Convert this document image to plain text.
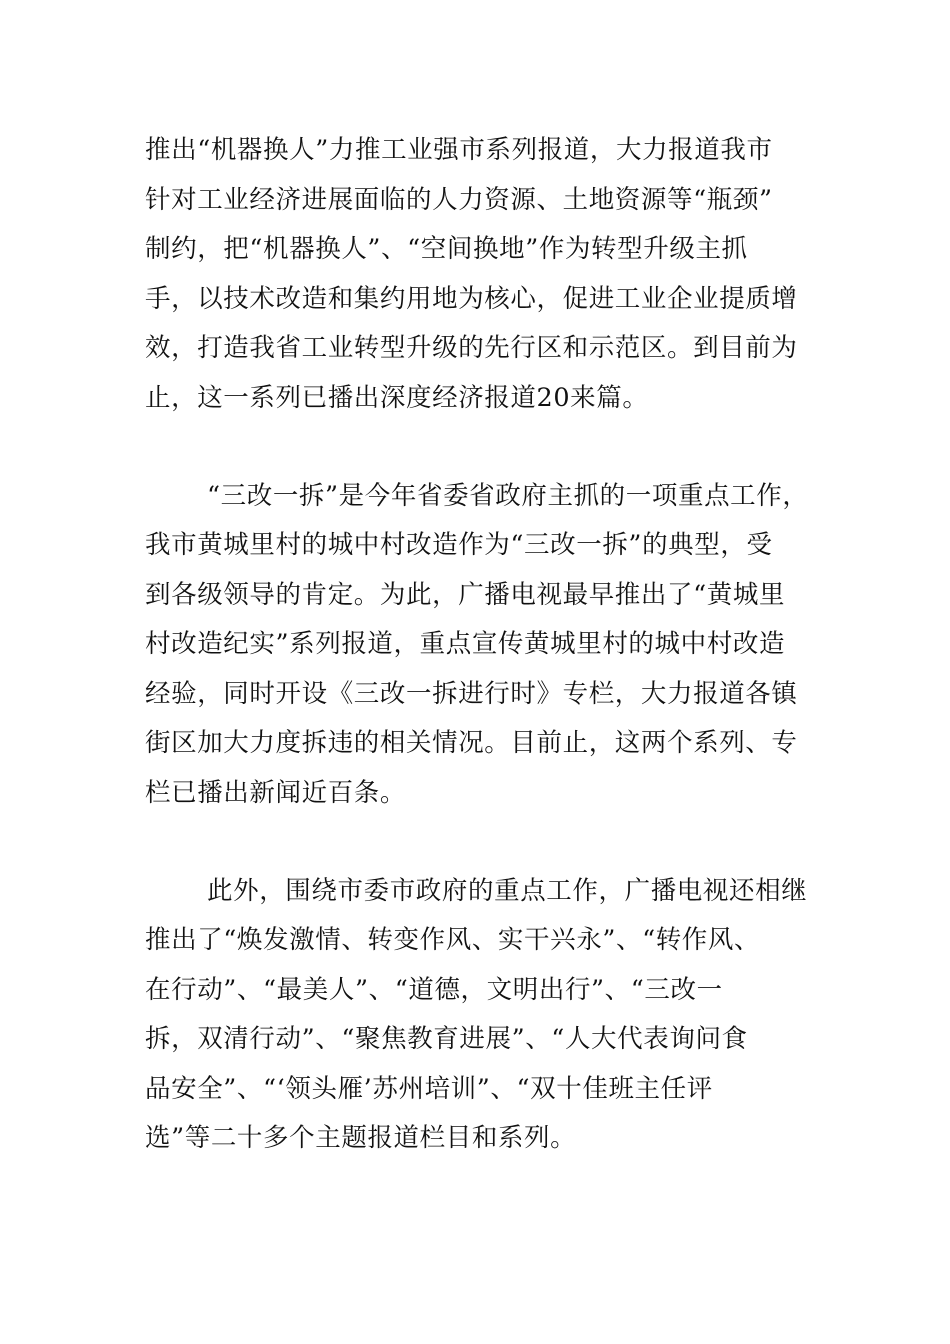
推出“机器换人”力推工业强市系列报道，大力报道我市
针对工业经济进展面临的人力资源、土地资源等“瓶颈”
制约，把“机器换人”、“空间换地”作为转型升级主抓
手，以技术改造和集约用地为核心，促进工业企业提质增
效，打造我省工业转型升级的先行区和示范区。到目前为
止，这一系列已播出深度经济报道20来篇。
“三改一拆”是今年省委省政府主抓的一项重点工作，
我市黄城里村的城中村改造作为“三改一拆”的典型，受
到各级领导的肯定。为此，广播电视最早推出了“黄城里
村改造纪实”系列报道，重点宣传黄城里村的城中村改造
经验，同时开设《三改一拆进行时》专栏，大力报道各镇
街区加大力度拆违的相关情况。目前止，这两个系列、专
栏已播出新闻近百条。
此外，围绕市委市政府的重点工作，广播电视还相继
推出了“焕发激情、转变作风、实干兴永”、“转作风、
在行动”、“最美人”、“道德，文明出行”、“三改一
拆，双清行动”、“聚焦教育进展”、“人大代表询问食
品安全”、“‘领头雁’苏州培训”、“双十佳班主任评
选”等二十多个主题报道栏目和系列。
